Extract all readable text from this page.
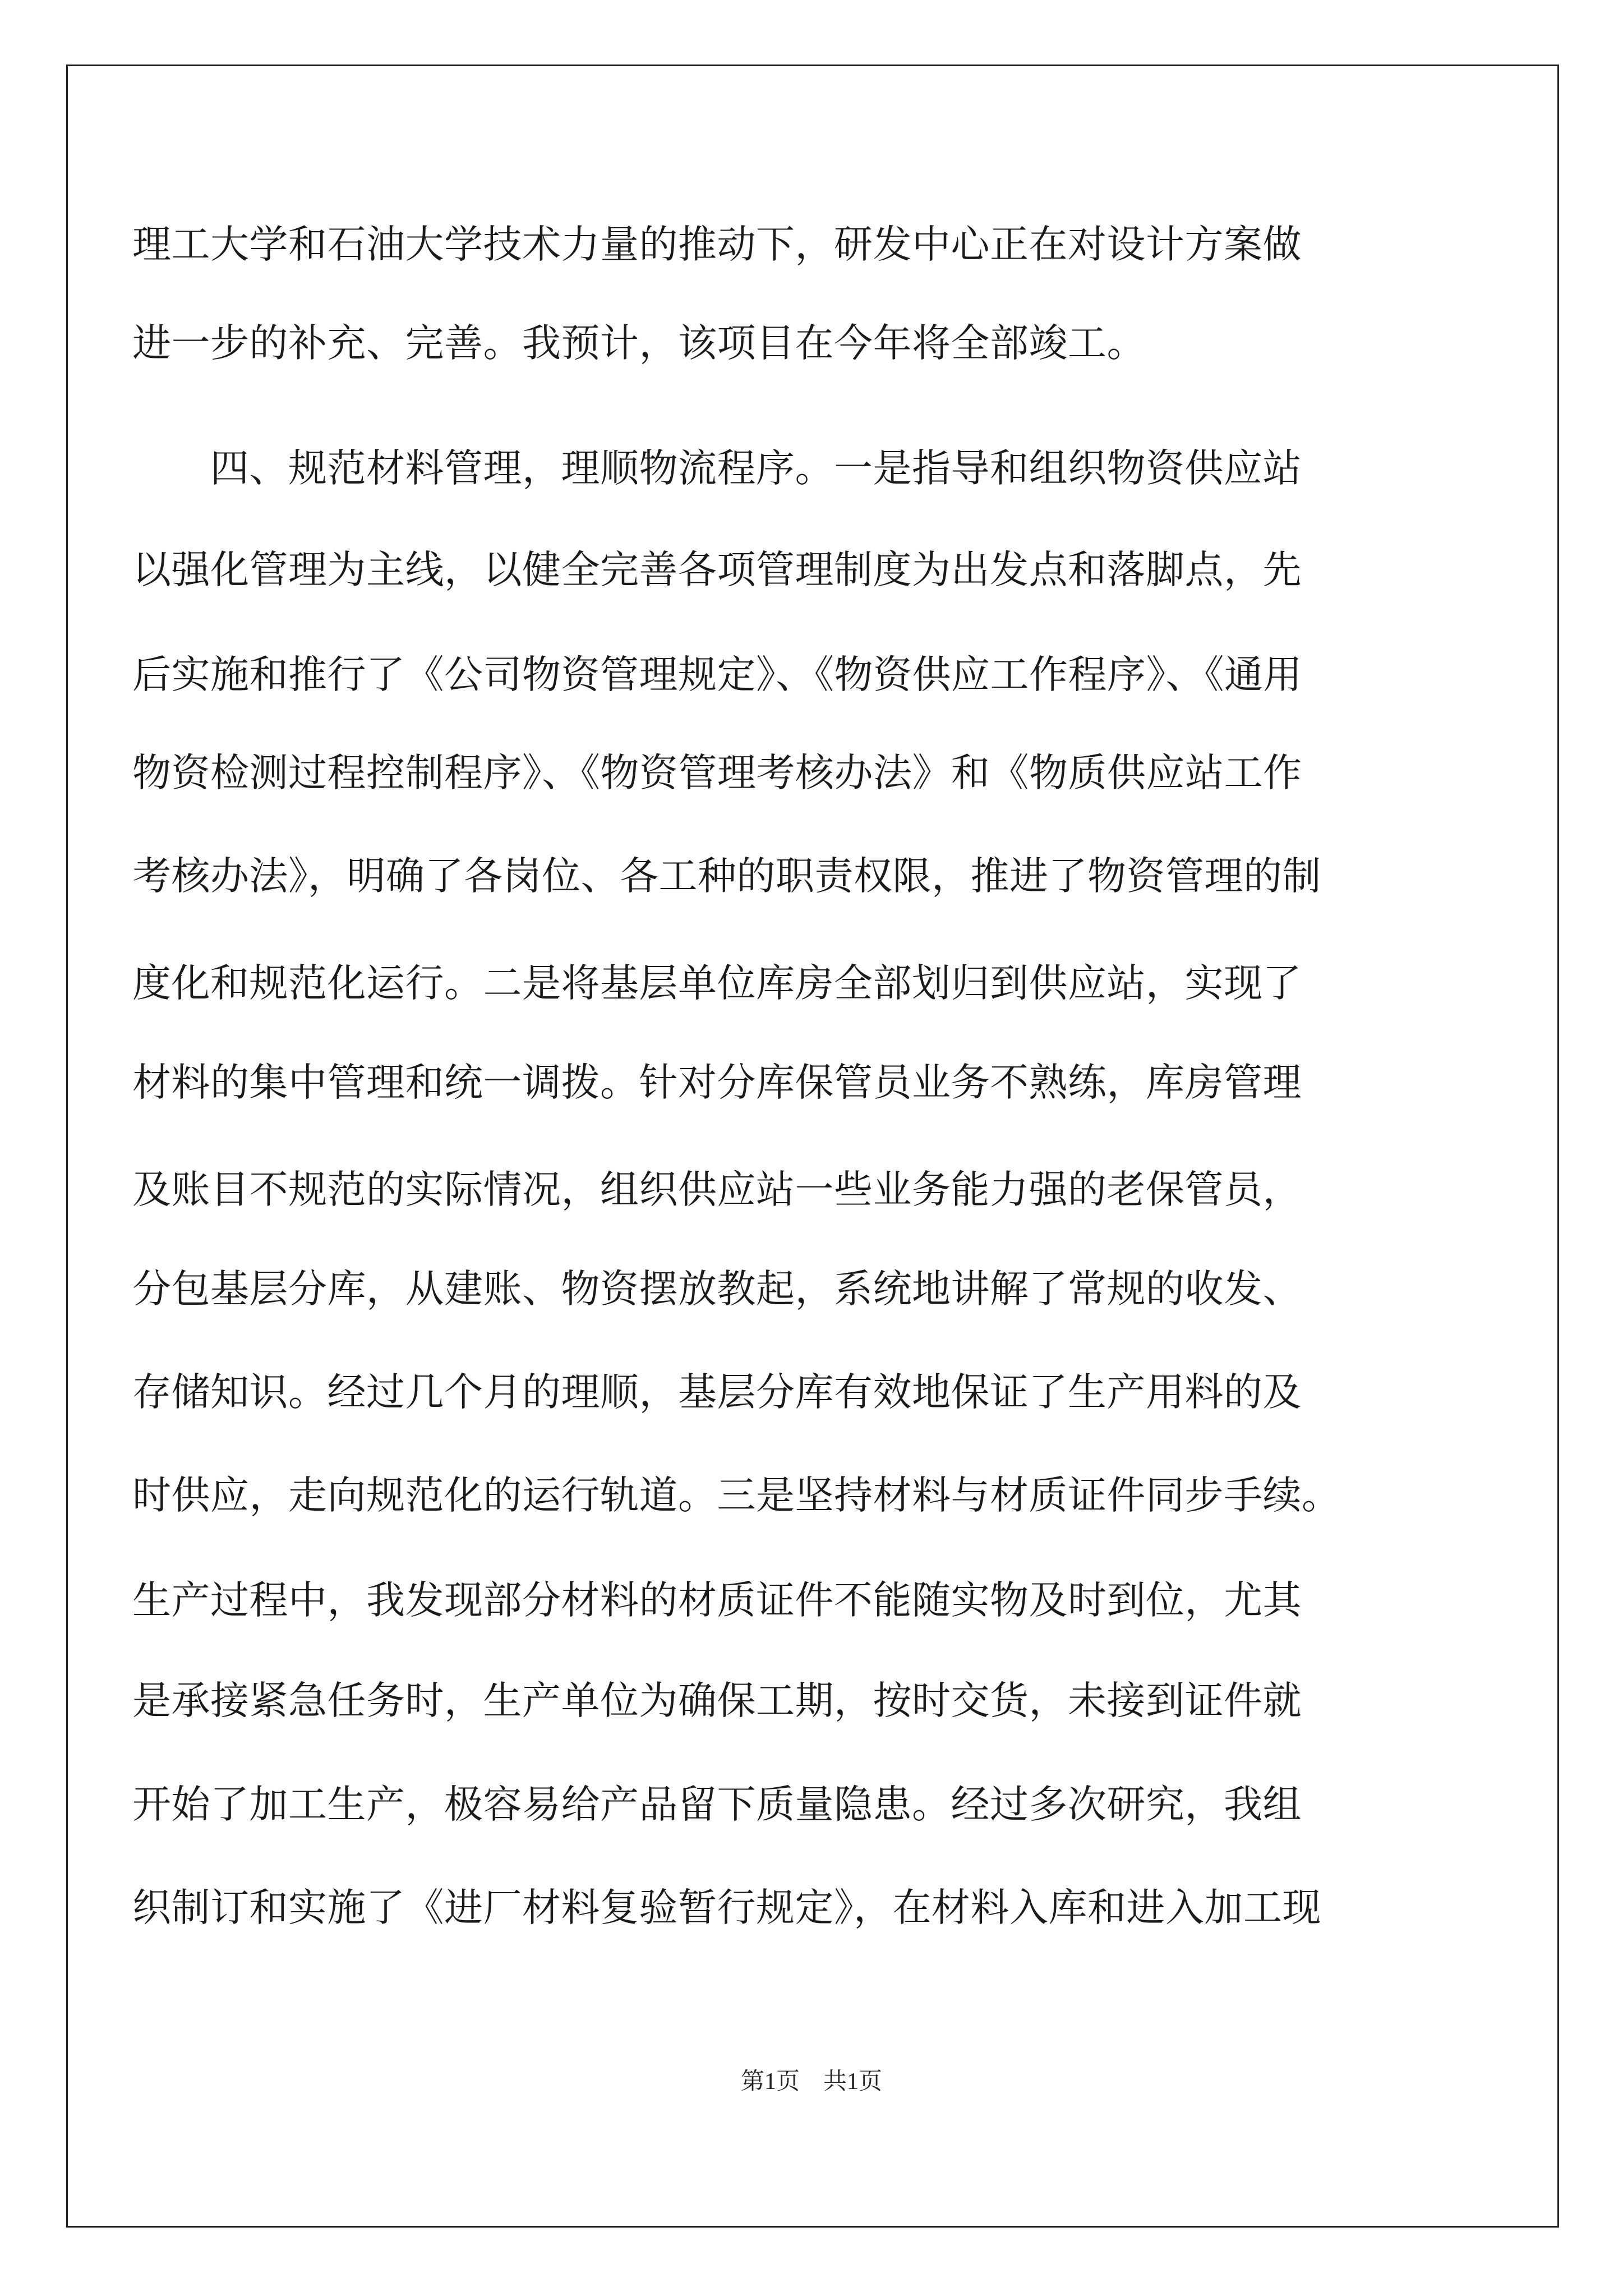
理工大学和石油大学技术力量的推动下，研发中心正在对设计方案做
进一步的补充、完善。我预计，该项目在今年将全部竣工。
　　四、规范材料管理，理顺物流程序。一是指导和组织物资供应站
以强化管理为主线，以健全完善各项管理制度为出发点和落脚点，先
后实施和推行了《公司物资管理规定》、《物资供应工作程序》、《通用
物资检测过程控制程序》、《物资管理考核办法》和《物质供应站工作
考核办法》，明确了各岗位、各工种的职责权限，推进了物资管理的制
度化和规范化运行。二是将基层单位库房全部划归到供应站，实现了
材料的集中管理和统一调拨。针对分库保管员业务不熟练，库房管理
及账目不规范的实际情况，组织供应站一些业务能力强的老保管员，
分包基层分库，从建账、物资摆放教起，系统地讲解了常规的收发、
存储知识。经过几个月的理顺，基层分库有效地保证了生产用料的及
时供应，走向规范化的运行轨道。三是坚持材料与材质证件同步手续。
生产过程中，我发现部分材料的材质证件不能随实物及时到位，尤其
是承接紧急任务时，生产单位为确保工期，按时交货，未接到证件就
开始了加工生产，极容易给产品留下质量隐患。经过多次研究，我组
织制订和实施了《进厂材料复验暂行规定》，在材料入库和进入加工现
第1页　共1页
